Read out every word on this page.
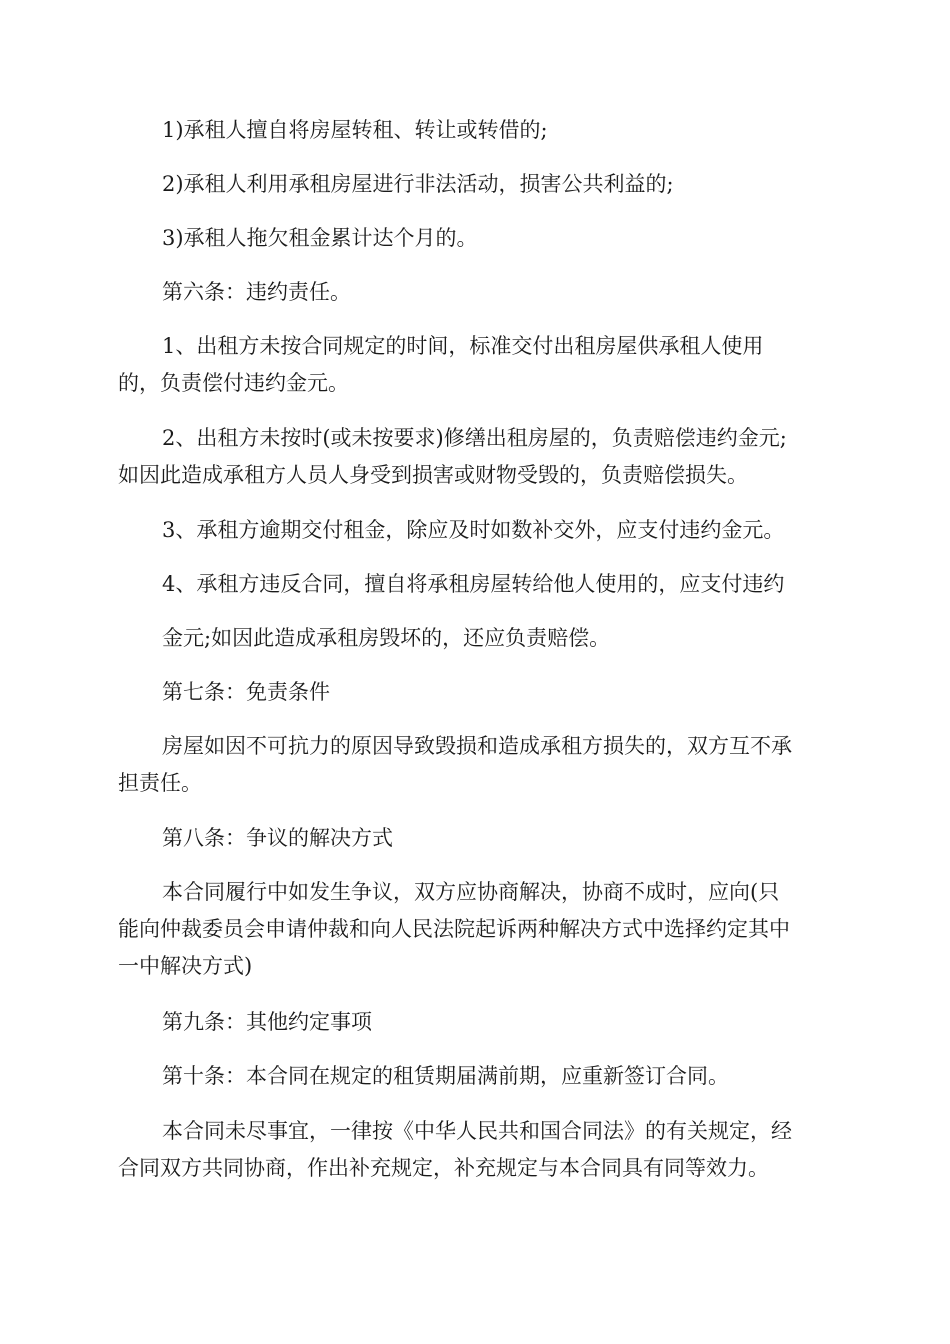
1)承租人擅自将房屋转租、转让或转借的;

2)承租人利用承租房屋进行非法活动，损害公共利益的;

3)承租人拖欠租金累计达个月的。

第六条：违约责任。

1、出租方未按合同规定的时间，标准交付出租房屋供承租人使用
的，负责偿付违约金元。

2、出租方未按时(或未按要求)修缮出租房屋的，负责赔偿违约金元;
如因此造成承租方人员人身受到损害或财物受毁的，负责赔偿损失。

3、承租方逾期交付租金，除应及时如数补交外，应支付违约金元。

4、承租方违反合同，擅自将承租房屋转给他人使用的，应支付违约

金元;如因此造成承租房毁坏的，还应负责赔偿。

第七条：免责条件

房屋如因不可抗力的原因导致毁损和造成承租方损失的，双方互不承
担责任。

第八条：争议的解决方式

本合同履行中如发生争议，双方应协商解决，协商不成时，应向(只
能向仲裁委员会申请仲裁和向人民法院起诉两种解决方式中选择约定其中
一中解决方式)

第九条：其他约定事项

第十条：本合同在规定的租赁期届满前期，应重新签订合同。

本合同未尽事宜，一律按《中华人民共和国合同法》的有关规定，经
合同双方共同协商，作出补充规定，补充规定与本合同具有同等效力。
